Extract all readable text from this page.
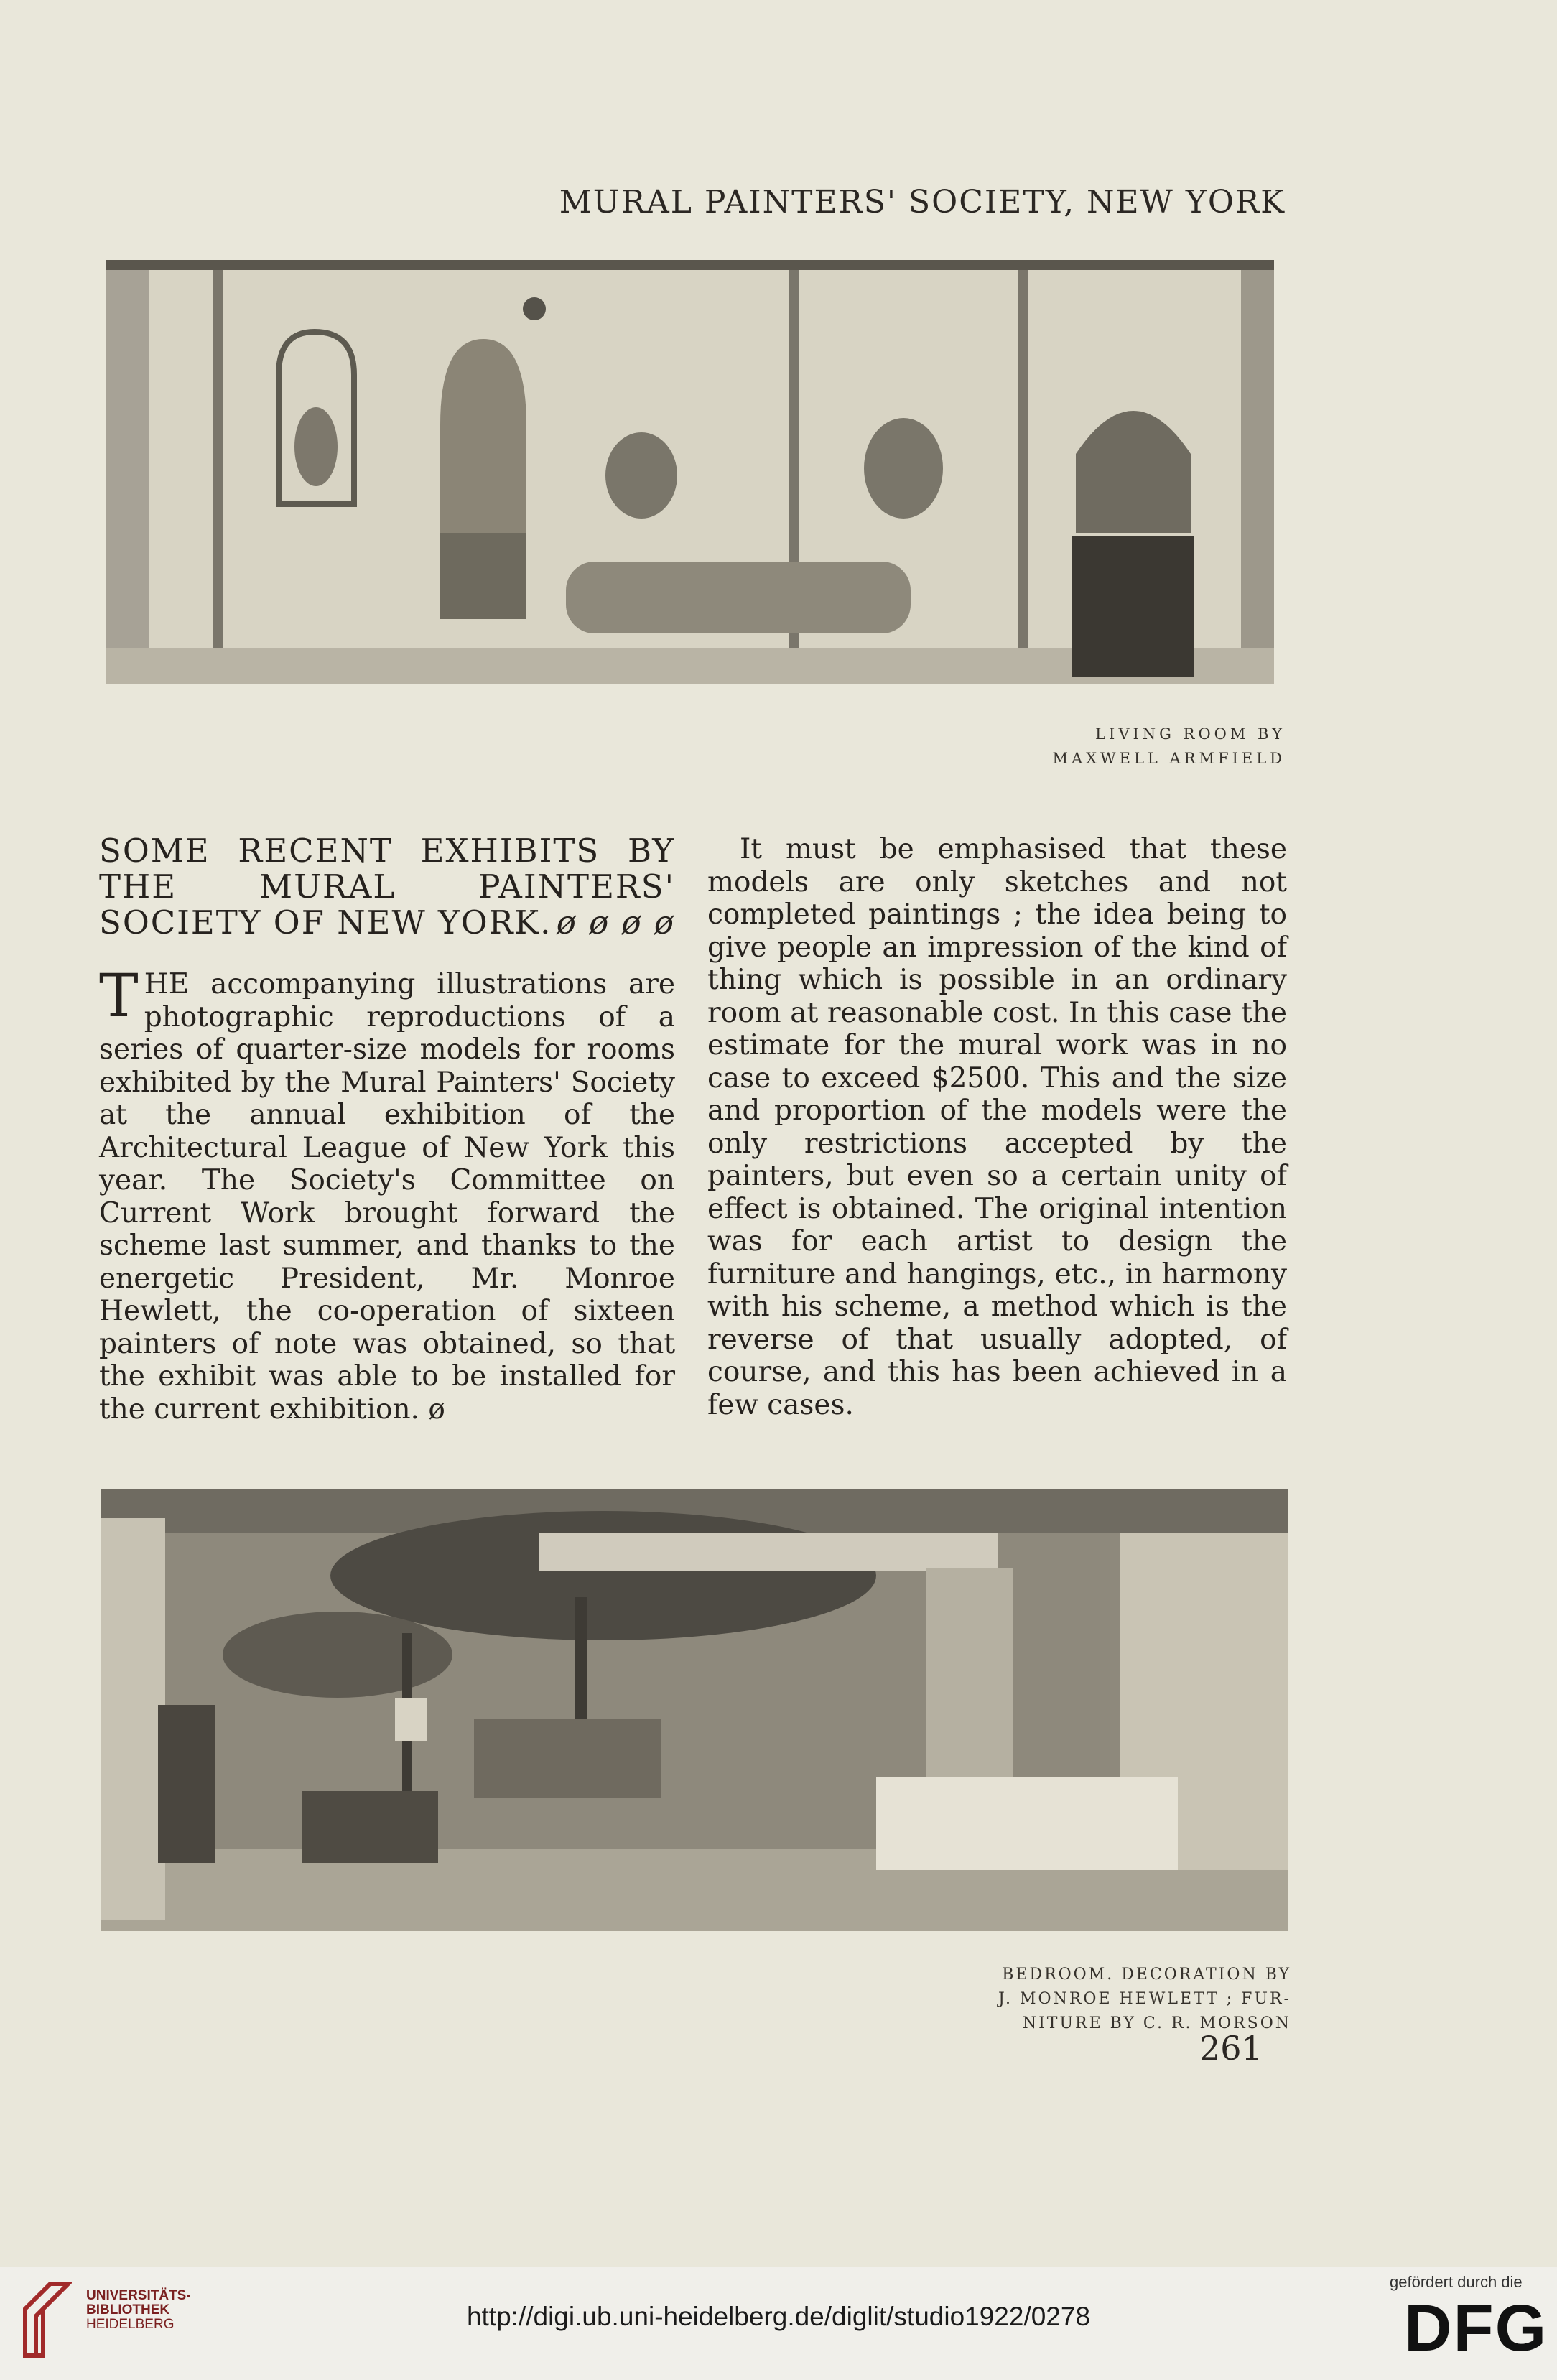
MURAL PAINTERS' SOCIETY, NEW YORK
LIVING ROOM BY
MAXWELL ARMFIELD
SOME RECENT EXHIBITS BY THE MURAL PAINTERS' SOCIETY OF NEW YORK. ø ø ø ø
T HE accompanying illustrations are photographic reproductions of a series of quarter-size models for rooms exhibited by the Mural Painters' Society at the annual exhibition of the Architectural League of New York this year. The Society's Committee on Current Work brought forward the scheme last summer, and thanks to the energetic President, Mr. Monroe Hewlett, the co-operation of sixteen painters of note was obtained, so that the exhibit was able to be installed for the current exhibition. ø
It must be emphasised that these models are only sketches and not completed paintings ; the idea being to give people an impression of the kind of thing which is possible in an ordinary room at reasonable cost. In this case the estimate for the mural work was in no case to exceed $2500. This and the size and proportion of the models were the only restrictions accepted by the painters, but even so a certain unity of effect is obtained. The original intention was for each artist to design the furniture and hangings, etc., in harmony with his scheme, a method which is the reverse of that usually adopted, of course, and this has been achieved in a few cases.
BEDROOM. DECORATION BY
J. MONROE HEWLETT ; FUR-
NITURE BY C. R. MORSON
261
UNIVERSITÄTS-
BIBLIOTHEK
HEIDELBERG	http://digi.ub.uni-heidelberg.de/diglit/studio1922/0278
gefördert durch die
DFG
